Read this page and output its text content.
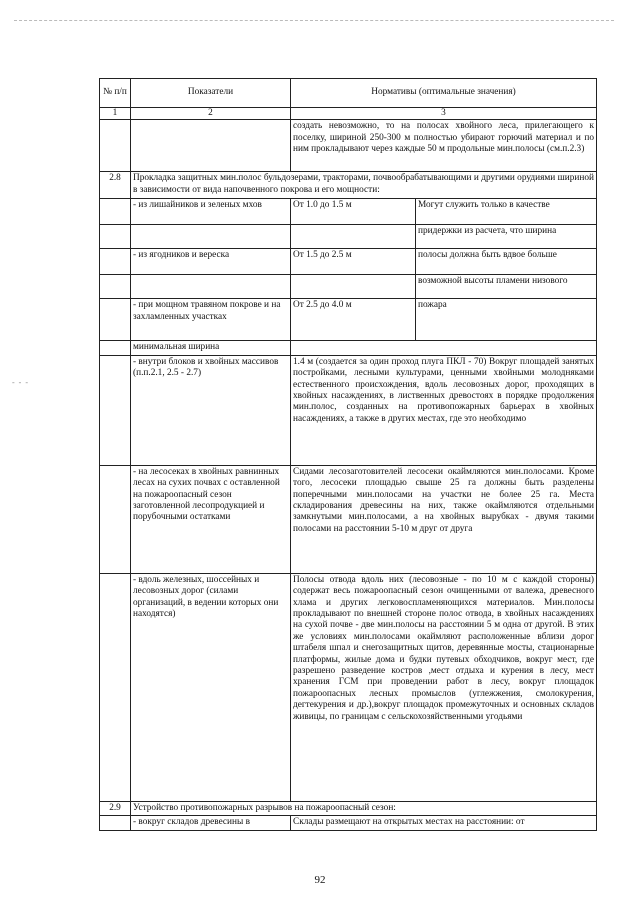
- - -
№ п/п	Показатели	Нормативы (оптимальные значения)	
1	2	3	
		создать невозможно, то на полосах хвойного леса, прилегающего к поселку, шириной 250-300 м полностью убирают горючий материал и по ним прокладывают через каждые 50 м продольные мин.полосы (см.п.2.3)	
2.8	Прокладка защитных мин.полос бульдозерами, тракторами, почвообрабатывающими и другими орудиями шириной в зависимости от вида напочвенного покрова и его мощности:		
	- из лишайников и зеленых мхов	От 1.0 до 1.5 м	Могут служить только в качестве
			придержки из расчета, что ширина
	- из ягодников и вереска	От 1.5 до 2.5 м	полосы должна быть вдвое больше
			возможной высоты пламени низового
	- при мощном травяном покрове и на захламленных участках	От 2.5 до 4.0 м	пожара
	минимальная ширина		
	- внутри блоков и хвойных массивов (п.п.2.1, 2.5 - 2.7)	1.4 м (создается за один проход плуга ПКЛ - 70) Вокруг площадей занятых постройками, лесными культурами, ценными хвойными молодняками естественного происхождения, вдоль лесовозных дорог, проходящих в хвойных насаждениях, в лиственных древостоях в порядке продолжения мин.полос, созданных на противопожарных барьерах в хвойных насаждениях, а также в других местах, где это необходимо	
	- на лесосеках в хвойных равнинных лесах на сухих почвах с оставленной на пожароопасный сезон заготовленной лесопродукцией и порубочными остатками	Сидами лесозаготовителей лесосеки окаймляются мин.полосами. Кроме того, лесосеки площадью свыше 25 га должны быть разделены поперечными мин.полосами на участки не более 25 га. Места складирования древесины на них, также окаймляются отдельными замкнутыми мин.полосами, а на хвойных вырубках - двумя такими полосами на расстоянии 5-10 м друг от друга	
	- вдоль железных, шоссейных и лесовозных дорог (силами организаций, в ведении которых они находятся)	Полосы отвода вдоль них (лесовозные - по 10 м с каждой стороны) содержат весь пожароопасный сезон очищенными от валежа, древесного хлама и других легковоспламеняющихся материалов. Мин.полосы прокладывают по внешней стороне полос отвода, в хвойных насаждениях на сухой почве - две мин.полосы на расстоянии 5 м одна от другой. В этих же условиях мин.полосами окаймляют расположенные вблизи дорог штабеля шпал и снегозащитных щитов, деревянные мосты, стационарные платформы, жилые дома и будки путевых обходчиков, вокруг мест, где разрешено разведение костров ,мест отдыха и курения в лесу, мест хранения ГСМ при проведении работ в лесу, вокруг площадок пожароопасных лесных промыслов (углежжения, смолокурения, дегтекурения и др.),вокруг площадок промежуточных и основных складов живицы, по границам с сельскохозяйственными угодьями	
2.9	Устройство противопожарных разрывов на пожароопасный сезон:		
	- вокруг складов древесины в	Склады размещают на открытых местах на расстоянии: от	
92
